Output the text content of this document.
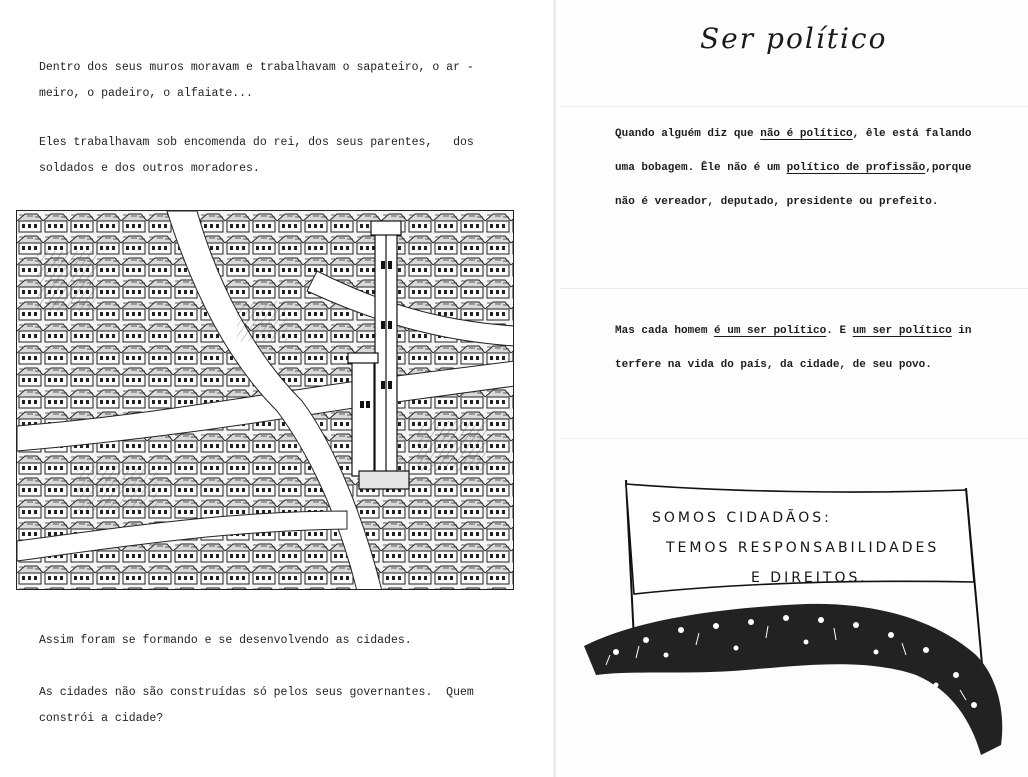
Dentro dos seus muros moravam e trabalhavam o sapateiro, o ar -
meiro, o padeiro, o alfaiate...
Eles trabalhavam sob encomenda do rei, dos seus parentes,   dos
soldados e dos outros moradores.
Assim foram se formando e se desenvolvendo as cidades.
As cidades não são construídas só pelos seus governantes.  Quem
constrói a cidade?
Ser político
Quando alguém diz que não é político, êle está falando
uma bobagem. Êle não é um político de profissão,porque
não é vereador, deputado, presidente ou prefeito.
Mas cada homem é um ser político. E um ser político in
terfere na vida do país, da cidade, de seu povo.
SOMOS CIDADÃOS:
TEMOS RESPONSABILIDADES
E DIREITOS.
